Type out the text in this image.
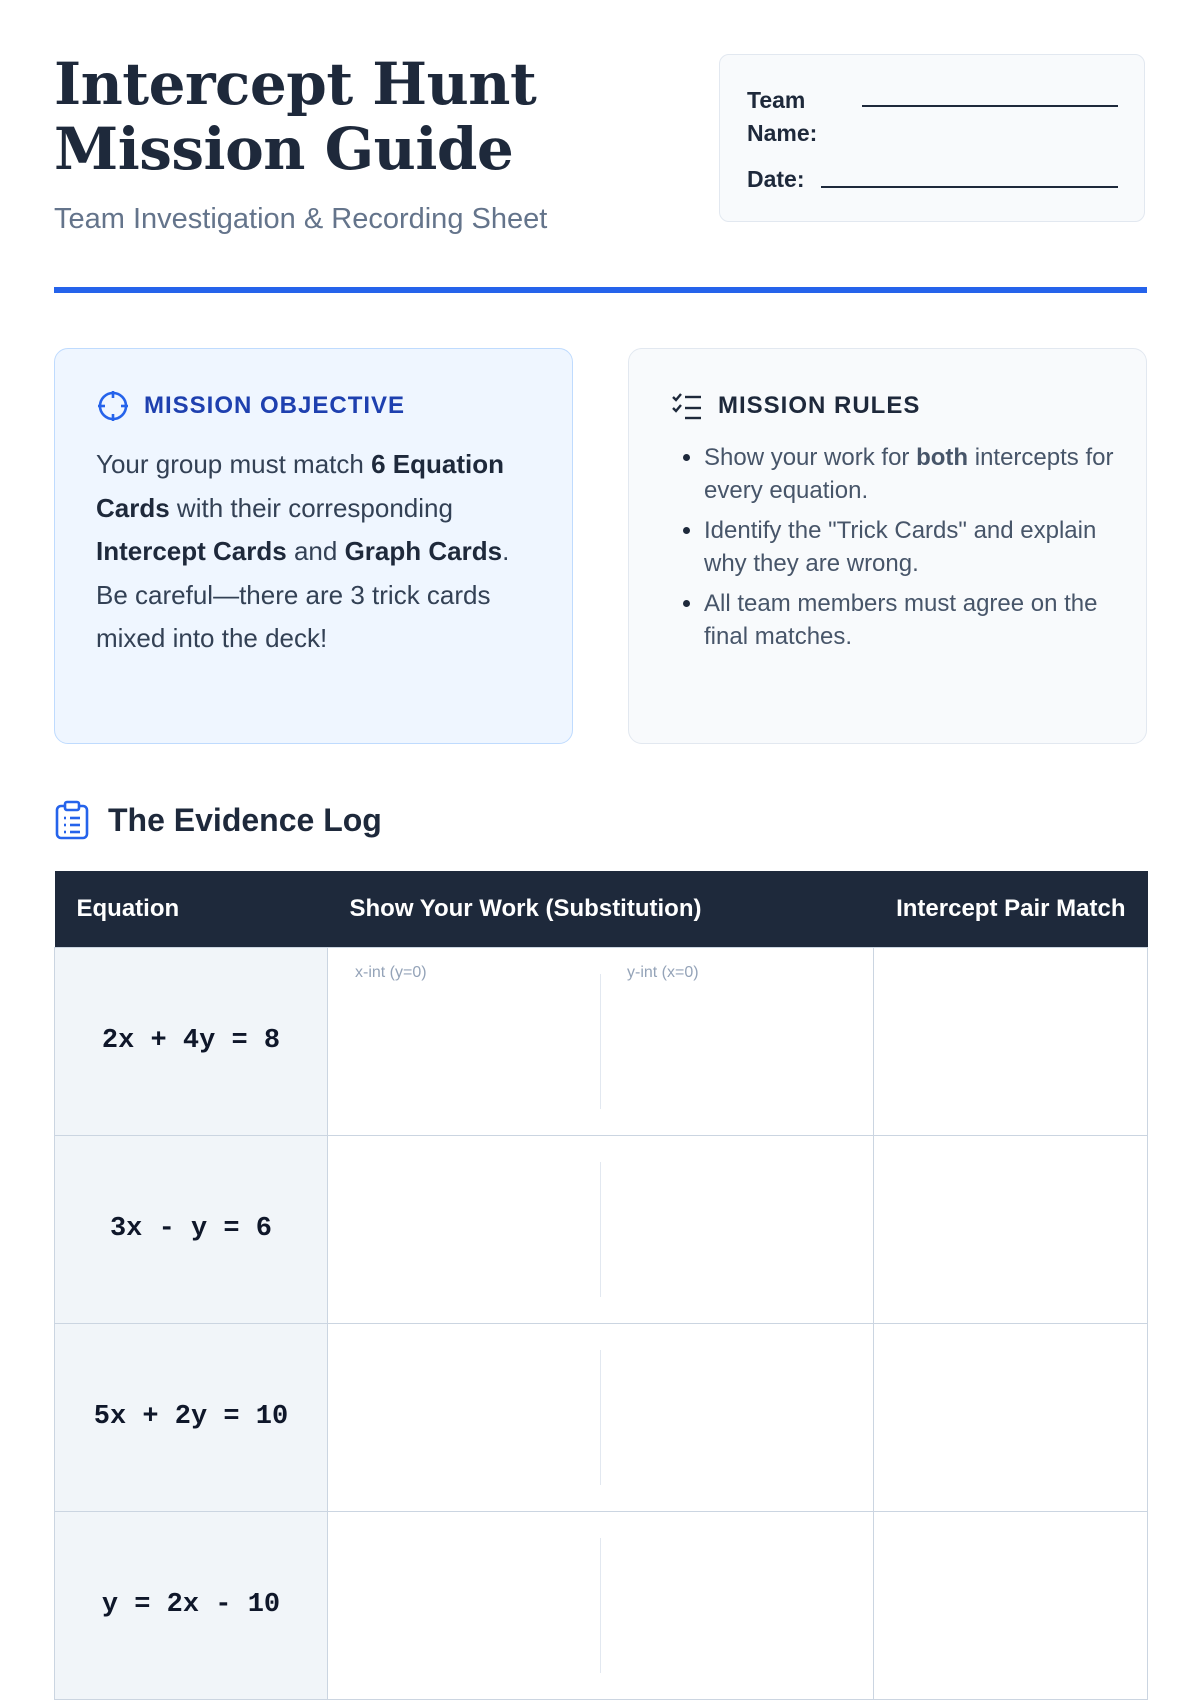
Intercept Hunt Mission Guide
Team Investigation & Recording Sheet
Team Name:
Date:
MISSION OBJECTIVE
Your group must match 6 Equation Cards with their corresponding Intercept Cards and Graph Cards. Be careful—there are 3 trick cards mixed into the deck!
MISSION RULES
• Show your work for both intercepts for every equation.
• Identify the "Trick Cards" and explain why they are wrong.
• All team members must agree on the final matches.
The Evidence Log
Equation	Show Your Work (Substitution)	Intercept Pair Match
2x + 4y = 8	x-int (y=0) y-int (x=0)	

3x - y = 6	

5x + 2y = 10	

y = 2x - 10	
